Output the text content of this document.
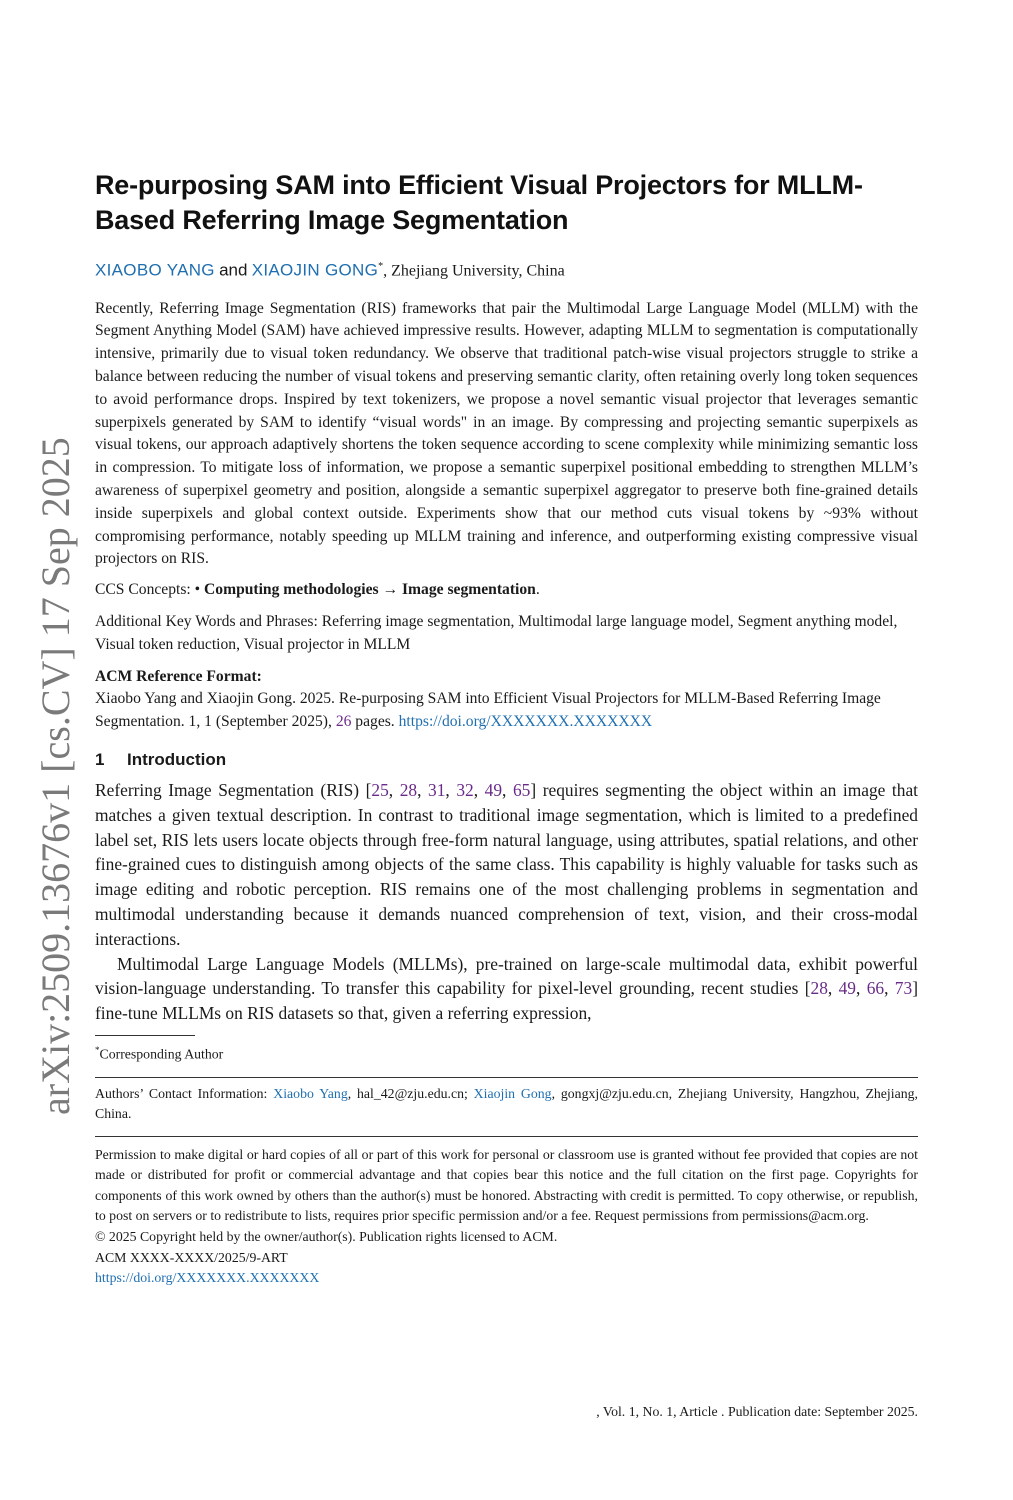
arXiv:2509.13676v1 [cs.CV] 17 Sep 2025
Re-purposing SAM into Efficient Visual Projectors for MLLM-Based Referring Image Segmentation
XIAOBO YANG and XIAOJIN GONG*, Zhejiang University, China
Recently, Referring Image Segmentation (RIS) frameworks that pair the Multimodal Large Language Model (MLLM) with the Segment Anything Model (SAM) have achieved impressive results. However, adapting MLLM to segmentation is computationally intensive, primarily due to visual token redundancy. We observe that traditional patch-wise visual projectors struggle to strike a balance between reducing the number of visual tokens and preserving semantic clarity, often retaining overly long token sequences to avoid performance drops. Inspired by text tokenizers, we propose a novel semantic visual projector that leverages semantic superpixels generated by SAM to identify “visual words" in an image. By compressing and projecting semantic superpixels as visual tokens, our approach adaptively shortens the token sequence according to scene complexity while minimizing semantic loss in compression. To mitigate loss of information, we propose a semantic superpixel positional embedding to strengthen MLLM’s awareness of superpixel geometry and position, alongside a semantic superpixel aggregator to preserve both fine-grained details inside superpixels and global context outside. Experiments show that our method cuts visual tokens by ~93% without compromising performance, notably speeding up MLLM training and inference, and outperforming existing compressive visual projectors on RIS.
CCS Concepts: • Computing methodologies → Image segmentation.
Additional Key Words and Phrases: Referring image segmentation, Multimodal large language model, Segment anything model, Visual token reduction, Visual projector in MLLM
ACM Reference Format:
Xiaobo Yang and Xiaojin Gong. 2025. Re-purposing SAM into Efficient Visual Projectors for MLLM-Based Referring Image Segmentation. 1, 1 (September 2025), 26 pages. https://doi.org/XXXXXXX.XXXXXXX
1 Introduction

Referring Image Segmentation (RIS) [25, 28, 31, 32, 49, 65] requires segmenting the object within an image that matches a given textual description. In contrast to traditional image segmentation, which is limited to a predefined label set, RIS lets users locate objects through free-form natural language, using attributes, spatial relations, and other fine-grained cues to distinguish among objects of the same class. This capability is highly valuable for tasks such as image editing and robotic perception. RIS remains one of the most challenging problems in segmentation and multimodal understanding because it demands nuanced comprehension of text, vision, and their cross-modal interactions.

Multimodal Large Language Models (MLLMs), pre-trained on large-scale multimodal data, exhibit powerful vision-language understanding. To transfer this capability for pixel-level grounding, recent studies [28, 49, 66, 73] fine-tune MLLMs on RIS datasets so that, given a referring expression,

*Corresponding Author
Authors’ Contact Information: Xiaobo Yang, hal_42@zju.edu.cn; Xiaojin Gong, gongxj@zju.edu.cn, Zhejiang University, Hangzhou, Zhejiang, China.
Permission to make digital or hard copies of all or part of this work for personal or classroom use is granted without fee provided that copies are not made or distributed for profit or commercial advantage and that copies bear this notice and the full citation on the first page. Copyrights for components of this work owned by others than the author(s) must be honored. Abstracting with credit is permitted. To copy otherwise, or republish, to post on servers or to redistribute to lists, requires prior specific permission and/or a fee. Request permissions from permissions@acm.org.
© 2025 Copyright held by the owner/author(s). Publication rights licensed to ACM.
ACM XXXX-XXXX/2025/9-ART
https://doi.org/XXXXXXX.XXXXXXX
, Vol. 1, No. 1, Article . Publication date: September 2025.
